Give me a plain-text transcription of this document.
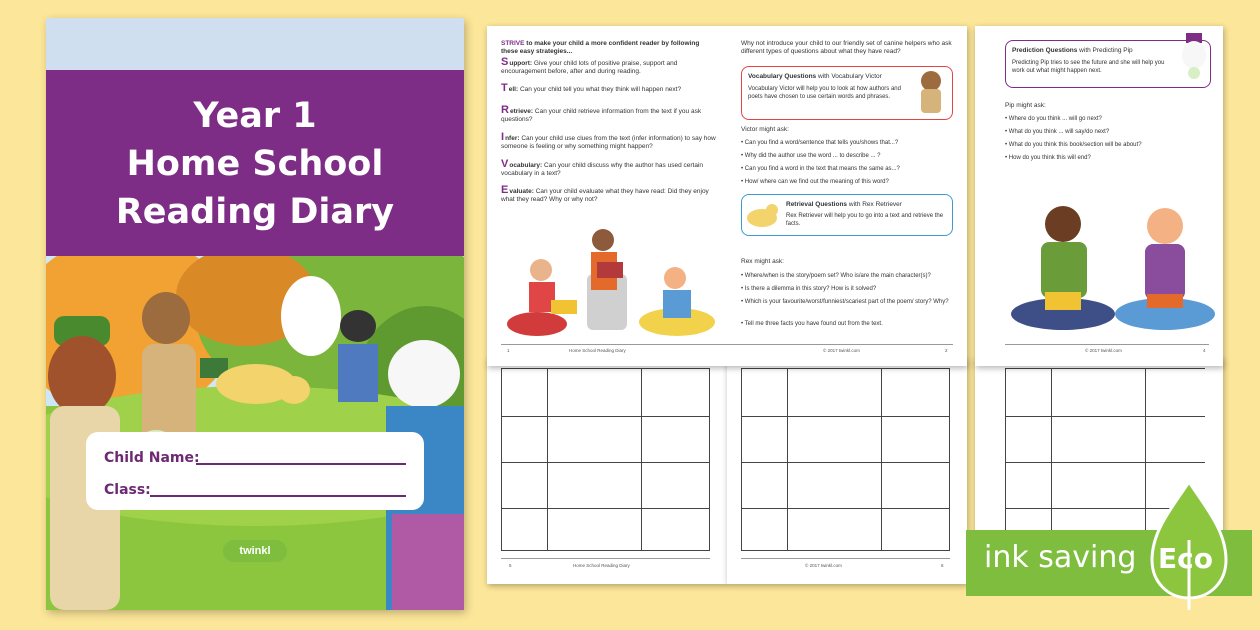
Year 1
Home School
Reading Diary
Child Name:
Class:
twinkl
5	Home School Reading Diary	© 2017 twinkl.com	6
STRIVE to make your child a more confident reader by following these easy strategies...
Support: Give your child lots of positive praise, support and encouragement before, after and during reading.
Tell: Can your child tell you what they think will happen next?
Retrieve: Can your child retrieve information from the text if you ask questions?
Infer: Can your child use clues from the text (infer information) to say how someone is feeling or why something might happen?
Vocabulary: Can your child discuss why the author has used certain vocabulary in a text?
Evaluate: Can your child evaluate what they have read: Did they enjoy what they read? Why or why not?
1	Home School Reading Diary
Why not introduce your child to our friendly set of canine helpers who ask different types of questions about what they have read?
Vocabulary Questions with Vocabulary Victor
Vocabulary Victor will help you to look at how authors and poets have chosen to use certain words and phrases.
Victor might ask:
• Can you find a word/sentence that tells you/shows that...?
• Why did the author use the word ... to describe ... ?
• Can you find a word in the text that means the same as...?
• How/ where can we find out the meaning of this word?
Retrieval Questions with Rex Retriever
Rex Retriever will help you to go into a text and retrieve the facts.
Rex might ask:
• Where/when is the story/poem set? Who is/are the main character(s)?
• Is there a dilemma in this story? How is it solved?
• Which is your favourite/worst/funniest/scariest part of the poem/ story? Why?
• Tell me three facts you have found out from the text.
© 2017 twinkl.com	2
Prediction Questions with Predicting Pip
Predicting Pip tries to see the future and she will help you work out what might happen next.
Pip might ask:
• Where do you think ... will go next?
• What do you think ... will say/do next?
• What do you think this book/section will be about?
• How do you think this will end?
© 2017 twinkl.com	4
ink saving Eco
